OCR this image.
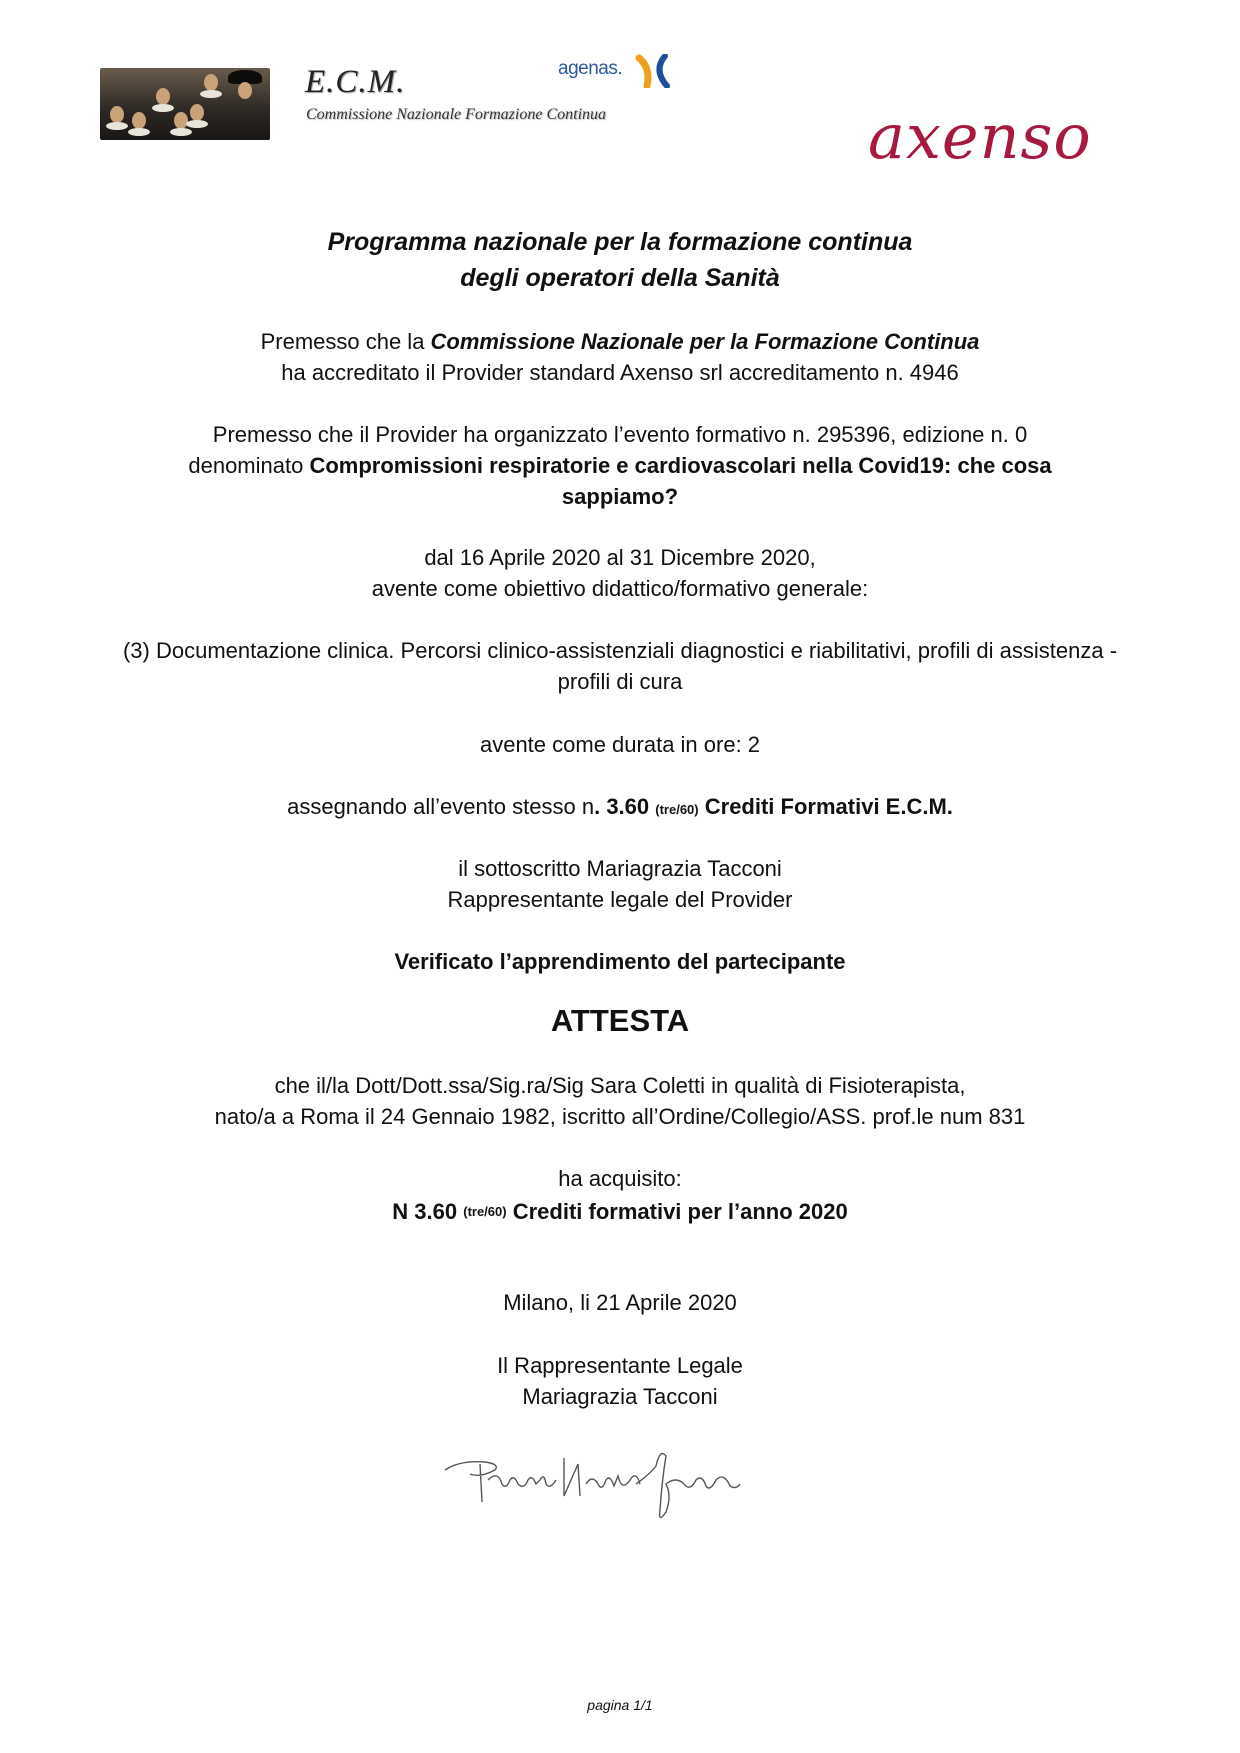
E.C.M.
Commissione Nazionale Formazione Continua
agenas.
axenso

Programma nazionale per la formazione continua

degli operatori della Sanità

Premesso che la Commissione Nazionale per la Formazione Continua

ha accreditato il Provider standard Axenso srl accreditamento n. 4946

Premesso che il Provider ha organizzato l’evento formativo n. 295396, edizione n. 0

denominato Compromissioni respiratorie e cardiovascolari nella Covid19: che cosa sappiamo?

dal 16 Aprile 2020 al 31 Dicembre 2020,

avente come obiettivo didattico/formativo generale:

(3) Documentazione clinica. Percorsi clinico-assistenziali diagnostici e riabilitativi, profili di assistenza - profili di cura

avente come durata in ore: 2

assegnando all’evento stesso n. 3.60 (tre/60) Crediti Formativi E.C.M.

il sottoscritto Mariagrazia Tacconi

Rappresentante legale del Provider

Verificato l’apprendimento del partecipante

ATTESTA

che il/la Dott/Dott.ssa/Sig.ra/Sig Sara Coletti in qualità di Fisioterapista,

nato/a a Roma il 24 Gennaio 1982, iscritto all’Ordine/Collegio/ASS. prof.le num 831

ha acquisito:

N 3.60 (tre/60) Crediti formativi per l’anno 2020

Milano, li 21 Aprile 2020

Il Rappresentante Legale

Mariagrazia Tacconi

pagina 1/1
